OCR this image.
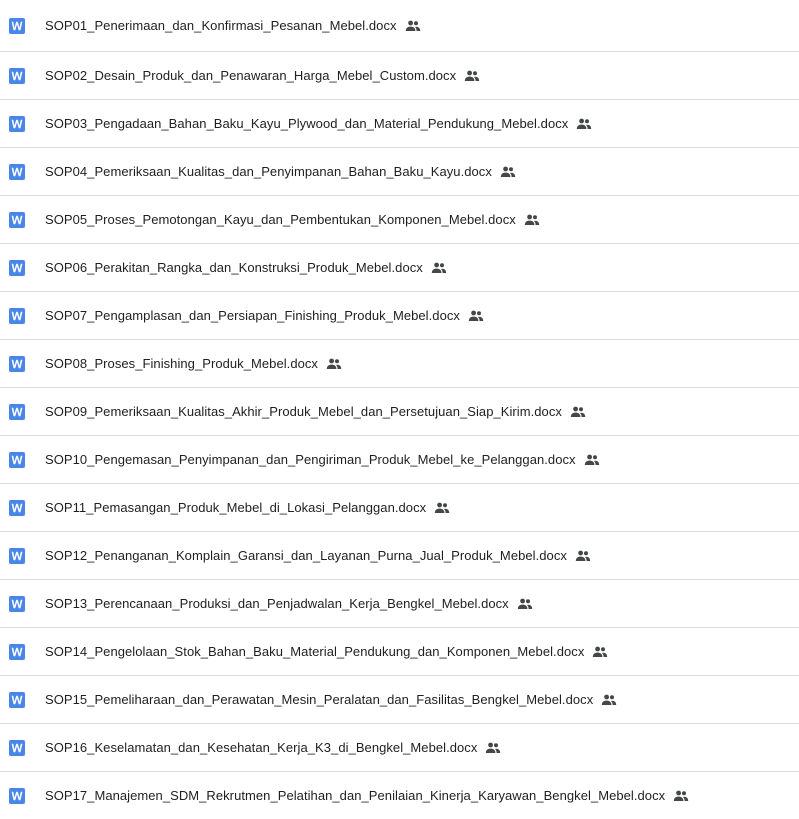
SOP01_Penerimaan_dan_Konfirmasi_Pesanan_Mebel.docx
SOP02_Desain_Produk_dan_Penawaran_Harga_Mebel_Custom.docx
SOP03_Pengadaan_Bahan_Baku_Kayu_Plywood_dan_Material_Pendukung_Mebel.docx
SOP04_Pemeriksaan_Kualitas_dan_Penyimpanan_Bahan_Baku_Kayu.docx
SOP05_Proses_Pemotongan_Kayu_dan_Pembentukan_Komponen_Mebel.docx
SOP06_Perakitan_Rangka_dan_Konstruksi_Produk_Mebel.docx
SOP07_Pengamplasan_dan_Persiapan_Finishing_Produk_Mebel.docx
SOP08_Proses_Finishing_Produk_Mebel.docx
SOP09_Pemeriksaan_Kualitas_Akhir_Produk_Mebel_dan_Persetujuan_Siap_Kirim.docx
SOP10_Pengemasan_Penyimpanan_dan_Pengiriman_Produk_Mebel_ke_Pelanggan.docx
SOP11_Pemasangan_Produk_Mebel_di_Lokasi_Pelanggan.docx
SOP12_Penanganan_Komplain_Garansi_dan_Layanan_Purna_Jual_Produk_Mebel.docx
SOP13_Perencanaan_Produksi_dan_Penjadwalan_Kerja_Bengkel_Mebel.docx
SOP14_Pengelolaan_Stok_Bahan_Baku_Material_Pendukung_dan_Komponen_Mebel.docx
SOP15_Pemeliharaan_dan_Perawatan_Mesin_Peralatan_dan_Fasilitas_Bengkel_Mebel.docx
SOP16_Keselamatan_dan_Kesehatan_Kerja_K3_di_Bengkel_Mebel.docx
SOP17_Manajemen_SDM_Rekrutmen_Pelatihan_dan_Penilaian_Kinerja_Karyawan_Bengkel_Mebel.docx
